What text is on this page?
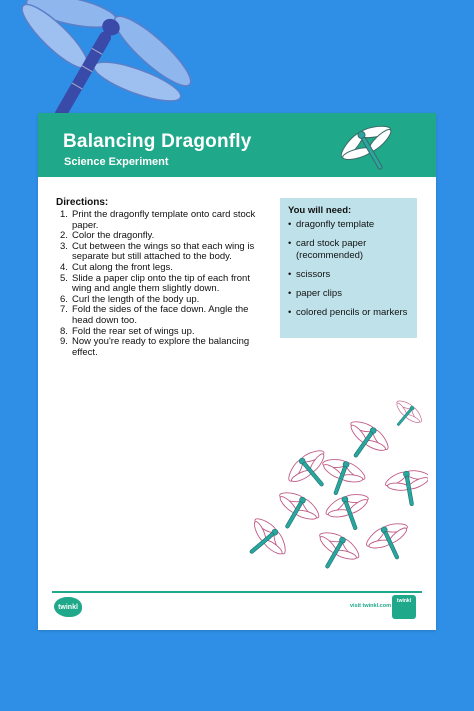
Balancing Dragonfly
Science Experiment
Directions:
1. Print the dragonfly template onto card stock paper.
2. Color the dragonfly.
3. Cut between the wings so that each wing is separate but still attached to the body.
4. Cut along the front legs.
5. Slide a paper clip onto the tip of each front wing and angle them slightly down.
6. Curl the length of the body up.
7. Fold the sides of the face down. Angle the head down too.
8. Fold the rear set of wings up.
9. Now you're ready to explore the balancing effect.
You will need:
• dragonfly template
• card stock paper (recommended)
• scissors
• paper clips
• colored pencils or markers
twinkl	visit twinkl.com
twinkl
